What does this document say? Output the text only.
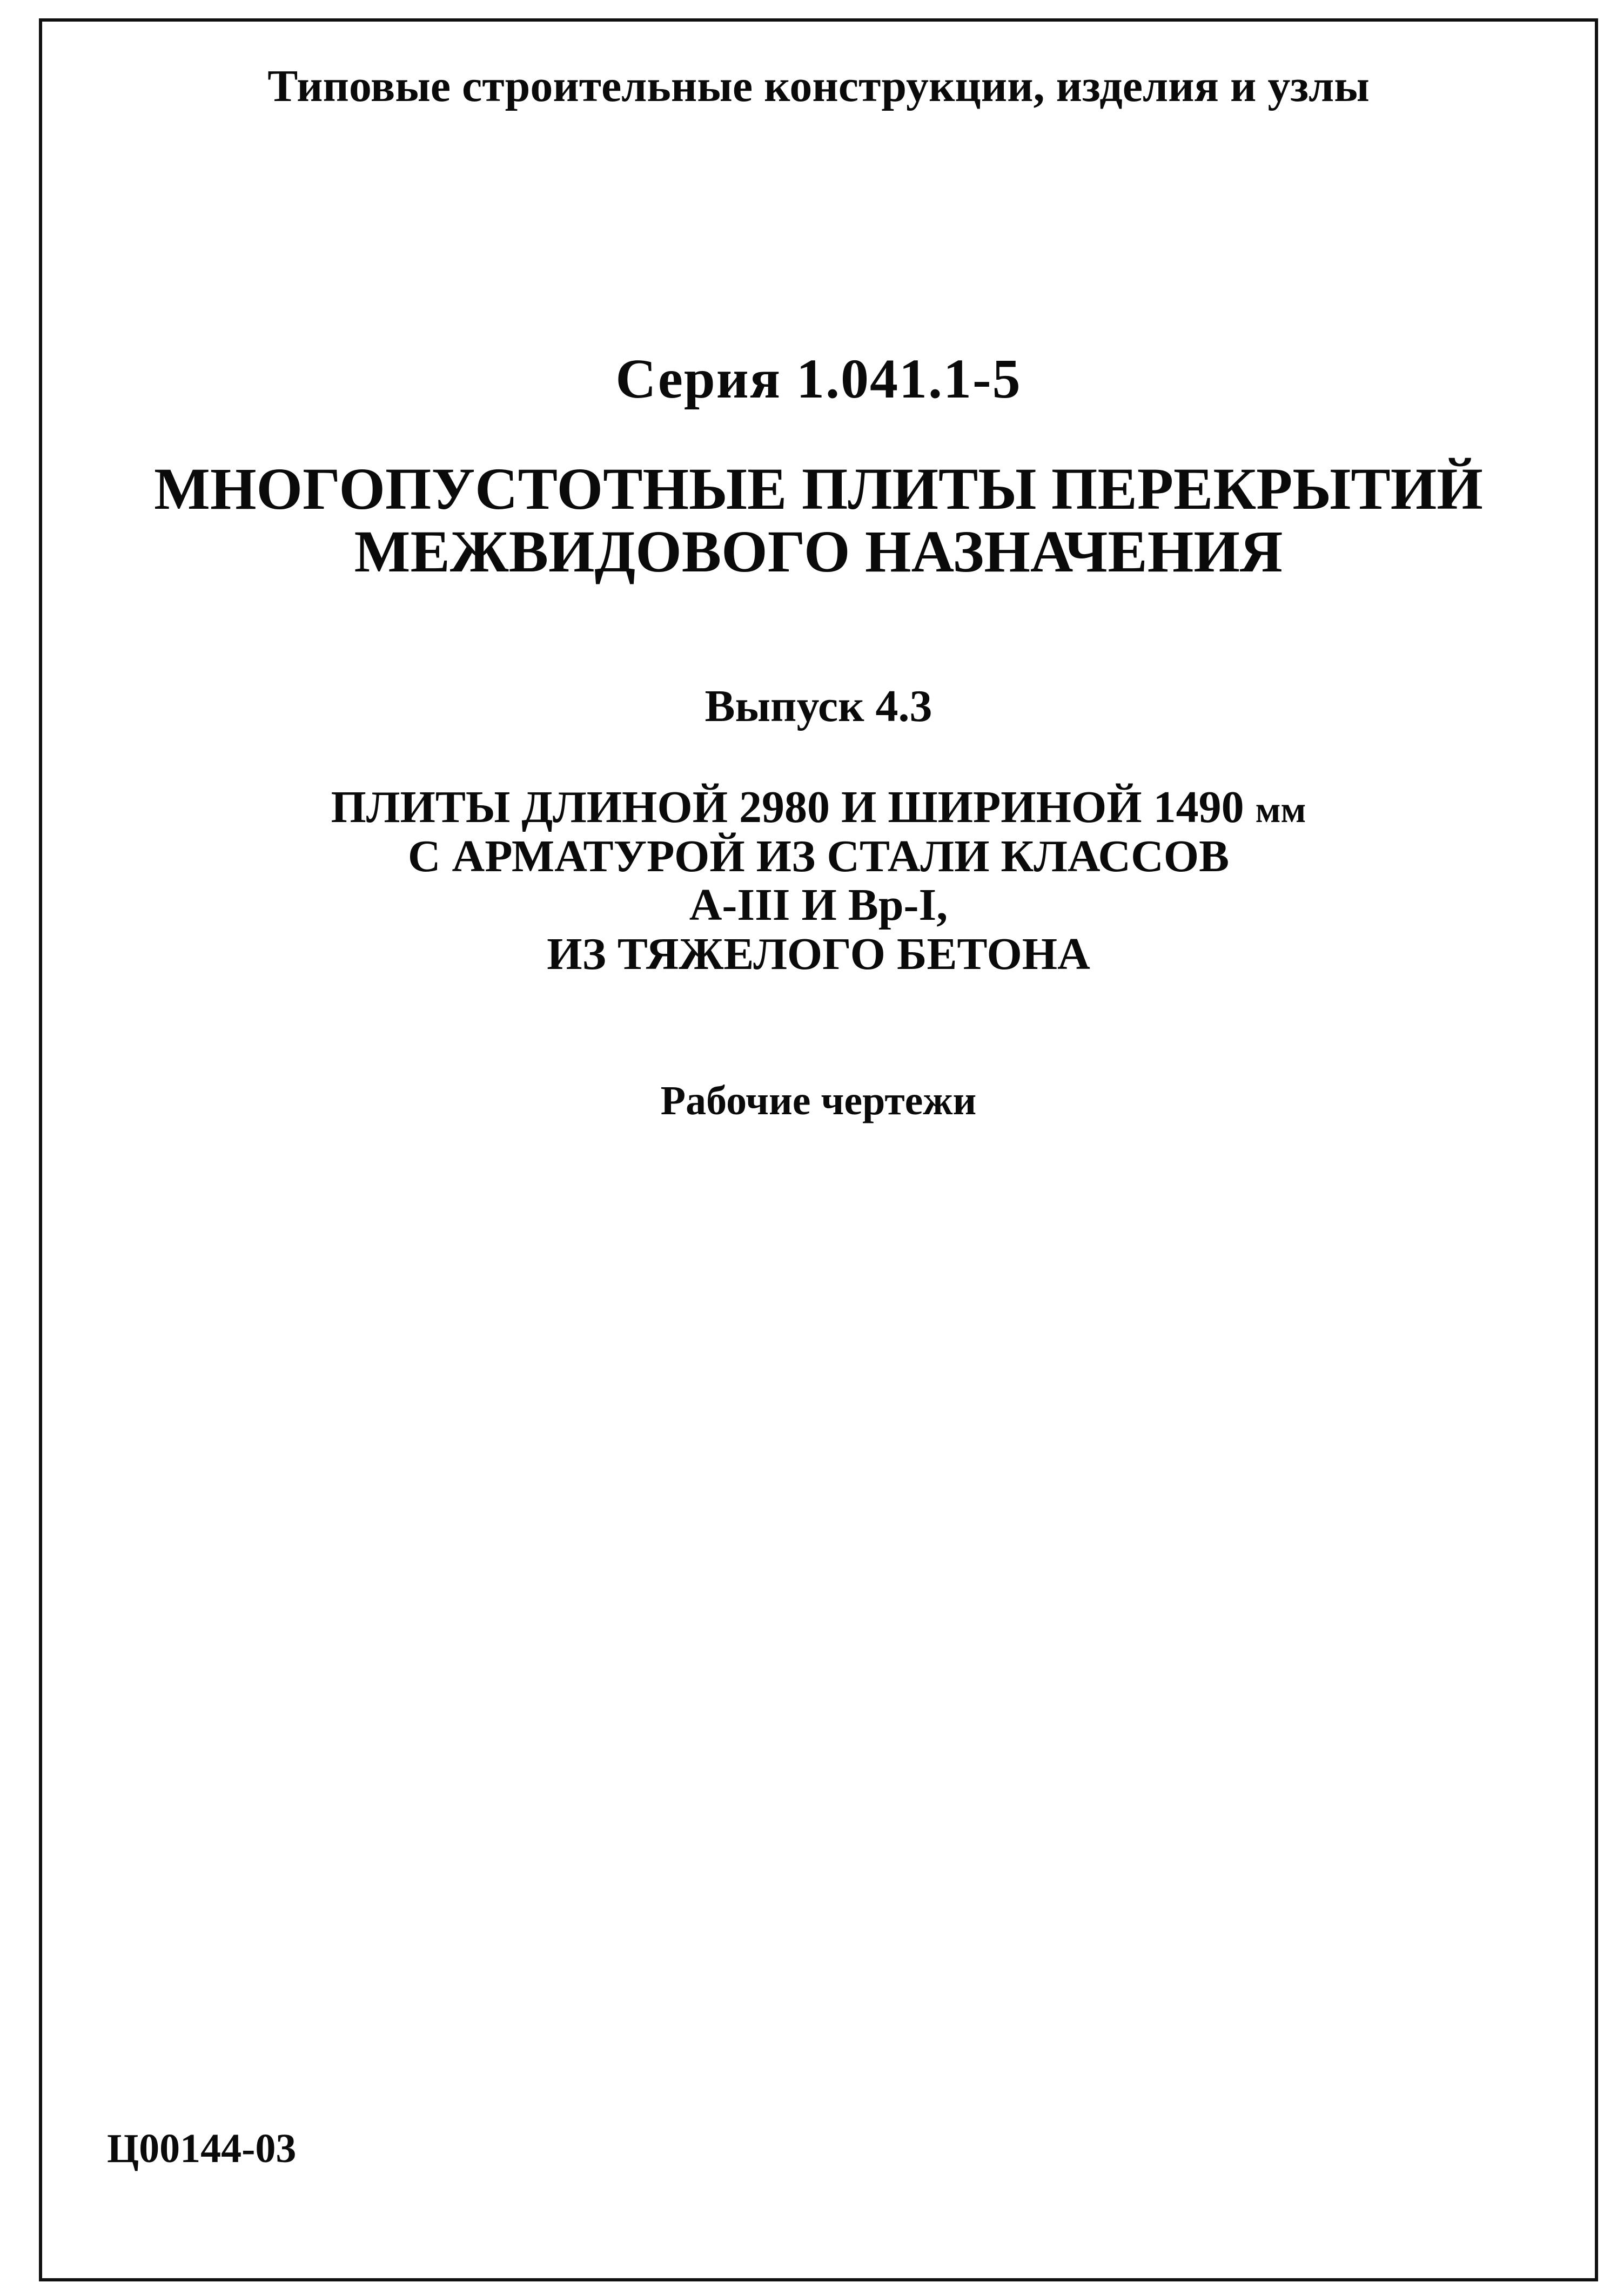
Типовые строительные конструкции, изделия и узлы

Серия 1.041.1-5

МНОГОПУСТОТНЫЕ ПЛИТЫ ПЕРЕКРЫТИЙ
МЕЖВИДОВОГО НАЗНАЧЕНИЯ

Выпуск 4.3

ПЛИТЫ ДЛИНОЙ 2980 И ШИРИНОЙ 1490 мм
С АРМАТУРОЙ ИЗ СТАЛИ КЛАССОВ
А-III И Вр-I,
ИЗ ТЯЖЕЛОГО БЕТОНА

Рабочие чертежи

Ц00144-03
